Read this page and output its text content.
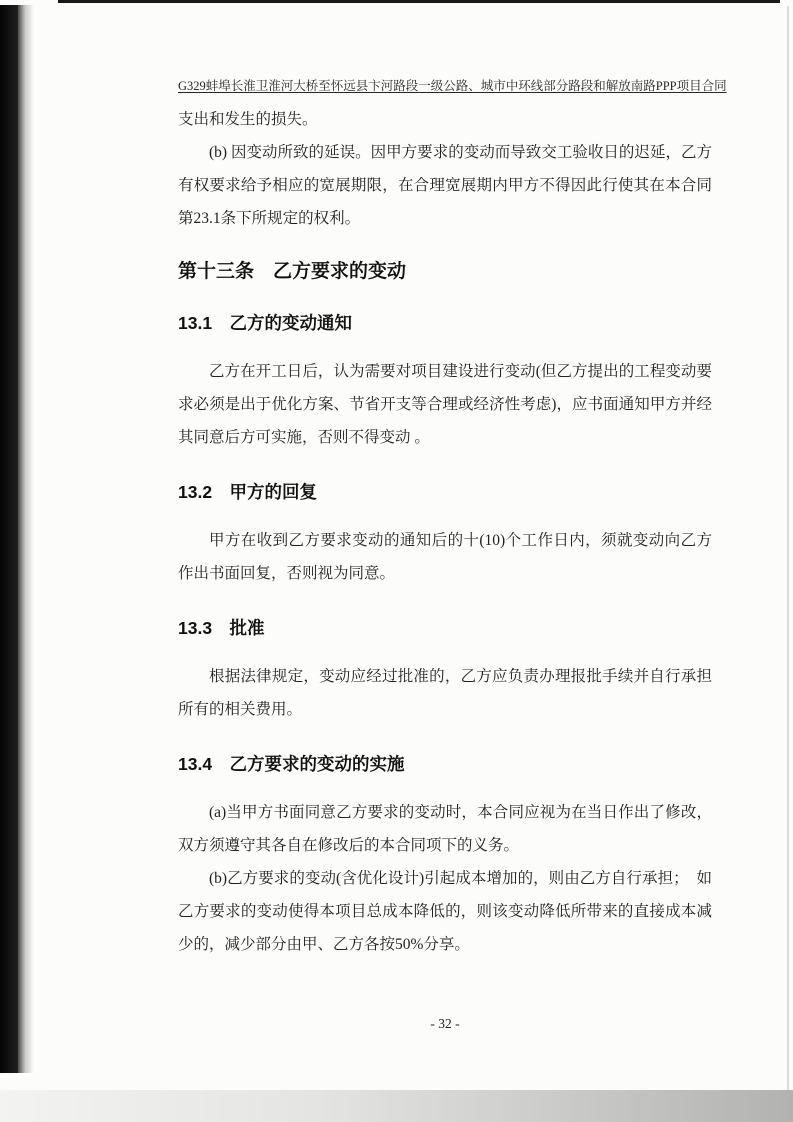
G329蚌埠长淮卫淮河大桥至怀远县卞河路段一级公路、城市中环线部分路段和解放南路PPP项目合同

支出和发生的损失。

(b) 因变动所致的延误。因甲方要求的变动而导致交工验收日的迟延，乙方有权要求给予相应的宽展期限，在合理宽展期内甲方不得因此行使其在本合同第23.1条下所规定的权利。

第十三条　乙方要求的变动
13.1　乙方的变动通知

乙方在开工日后，认为需要对项目建设进行变动(但乙方提出的工程变动要求必须是出于优化方案、节省开支等合理或经济性考虑)，应书面通知甲方并经其同意后方可实施，否则不得变动 。

13.2　甲方的回复

甲方在收到乙方要求变动的通知后的十(10)个工作日内，须就变动向乙方作出书面回复，否则视为同意。

13.3　批准

根据法律规定，变动应经过批准的，乙方应负责办理报批手续并自行承担所有的相关费用。

13.4　乙方要求的变动的实施

(a)当甲方书面同意乙方要求的变动时，本合同应视为在当日作出了修改，双方须遵守其各自在修改后的本合同项下的义务。

(b)乙方要求的变动(含优化设计)引起成本增加的，则由乙方自行承担；　如乙方要求的变动使得本项目总成本降低的，则该变动降低所带来的直接成本减少的，减少部分由甲、乙方各按50%分享。

- 32 -
